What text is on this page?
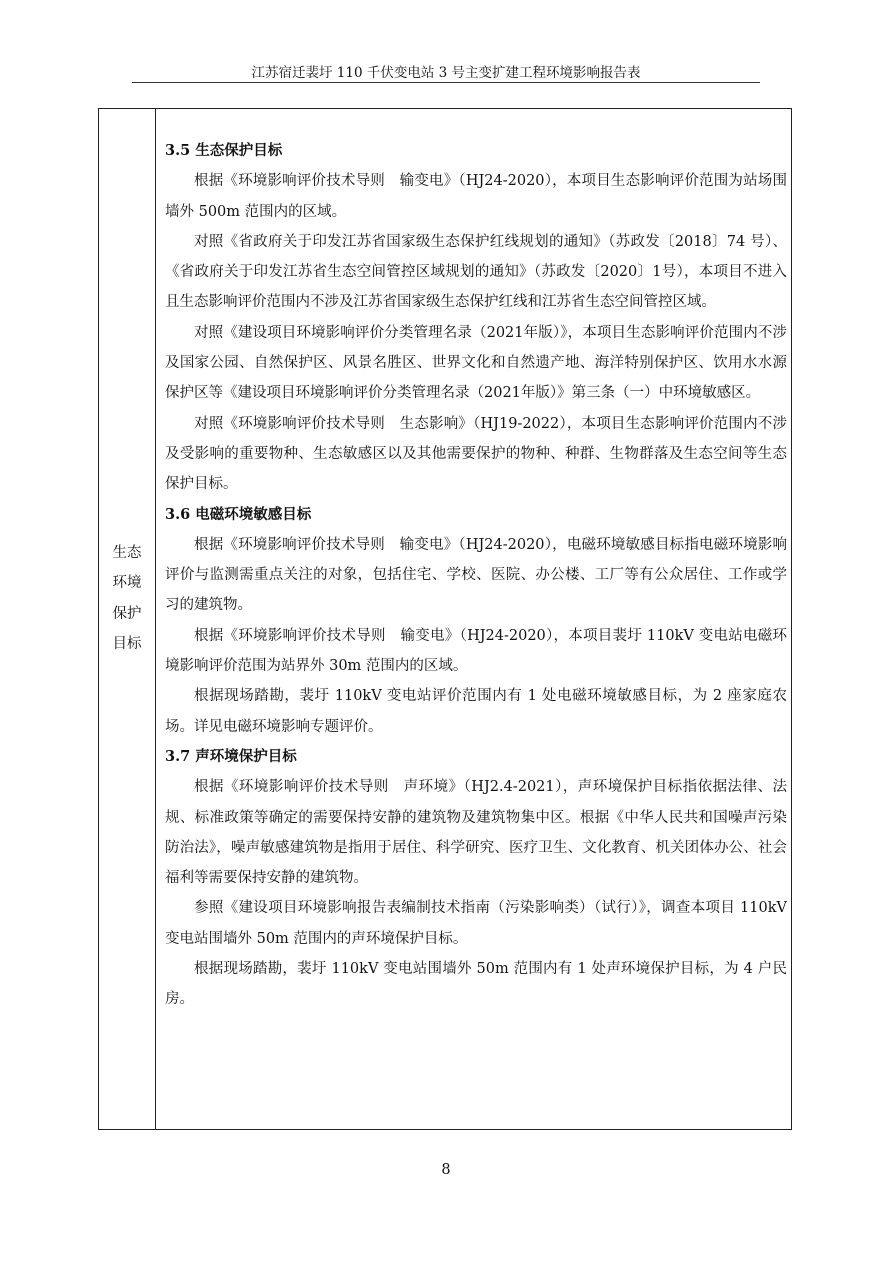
江苏宿迁裴圩 110 千伏变电站 3 号主变扩建工程环境影响报告表
生态
环境
保护
目标
3.5 生态保护目标

根据《环境影响评价技术导则　输变电》（HJ24-2020），本项目生态影响评价范围为站场围墙外 500m 范围内的区域。

对照《省政府关于印发江苏省国家级生态保护红线规划的通知》（苏政发〔2018〕74 号）、《省政府关于印发江苏省生态空间管控区域规划的通知》（苏政发〔2020〕1号），本项目不进入且生态影响评价范围内不涉及江苏省国家级生态保护红线和江苏省生态空间管控区域。

对照《建设项目环境影响评价分类管理名录（2021年版）》，本项目生态影响评价范围内不涉及国家公园、自然保护区、风景名胜区、世界文化和自然遗产地、海洋特别保护区、饮用水水源保护区等《建设项目环境影响评价分类管理名录（2021年版）》第三条（一）中环境敏感区。

对照《环境影响评价技术导则　生态影响》（HJ19-2022），本项目生态影响评价范围内不涉及受影响的重要物种、生态敏感区以及其他需要保护的物种、种群、生物群落及生态空间等生态保护目标。

3.6 电磁环境敏感目标

根据《环境影响评价技术导则　输变电》（HJ24-2020），电磁环境敏感目标指电磁环境影响评价与监测需重点关注的对象，包括住宅、学校、医院、办公楼、工厂等有公众居住、工作或学习的建筑物。

根据《环境影响评价技术导则　输变电》（HJ24-2020），本项目裴圩 110kV 变电站电磁环境影响评价范围为站界外 30m 范围内的区域。

根据现场踏勘，裴圩 110kV 变电站评价范围内有 1 处电磁环境敏感目标，为 2 座家庭农场。详见电磁环境影响专题评价。

3.7 声环境保护目标

根据《环境影响评价技术导则　声环境》（HJ2.4-2021），声环境保护目标指依据法律、法规、标准政策等确定的需要保持安静的建筑物及建筑物集中区。根据《中华人民共和国噪声污染防治法》，噪声敏感建筑物是指用于居住、科学研究、医疗卫生、文化教育、机关团体办公、社会福利等需要保持安静的建筑物。

参照《建设项目环境影响报告表编制技术指南（污染影响类）（试行）》，调查本项目 110kV 变电站围墙外 50m 范围内的声环境保护目标。

根据现场踏勘，裴圩 110kV 变电站围墙外 50m 范围内有 1 处声环境保护目标，为 4 户民房。

8
